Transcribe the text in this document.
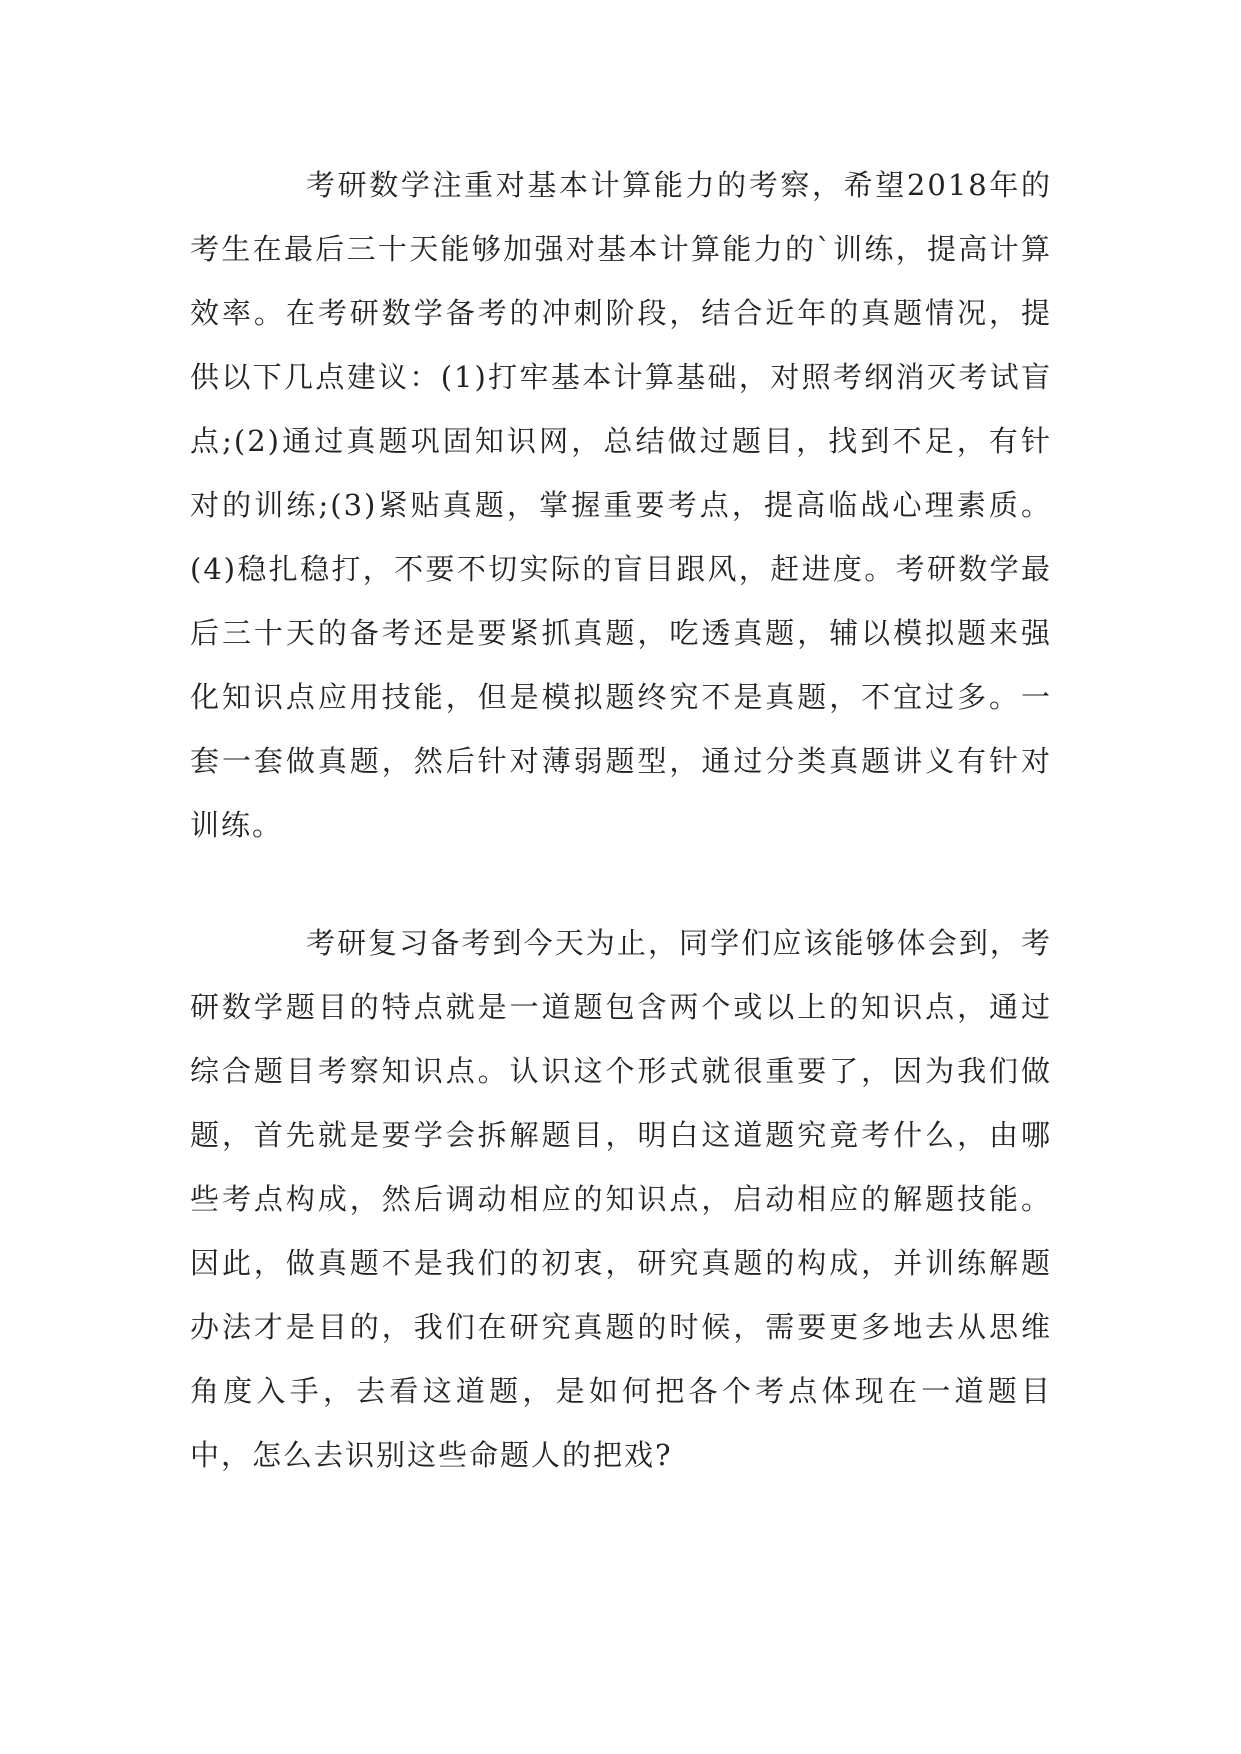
考研数学注重对基本计算能力的考察，希望2018年的考生在最后三十天能够加强对基本计算能力的`训练，提高计算效率。在考研数学备考的冲刺阶段，结合近年的真题情况，提供以下几点建议：(1)打牢基本计算基础，对照考纲消灭考试盲点;(2)通过真题巩固知识网，总结做过题目，找到不足，有针对的训练;(3)紧贴真题，掌握重要考点，提高临战心理素质。(4)稳扎稳打，不要不切实际的盲目跟风，赶进度。考研数学最后三十天的备考还是要紧抓真题，吃透真题，辅以模拟题来强化知识点应用技能，但是模拟题终究不是真题，不宜过多。一套一套做真题，然后针对薄弱题型，通过分类真题讲义有针对训练。

考研复习备考到今天为止，同学们应该能够体会到，考研数学题目的特点就是一道题包含两个或以上的知识点，通过综合题目考察知识点。认识这个形式就很重要了，因为我们做题，首先就是要学会拆解题目，明白这道题究竟考什么，由哪些考点构成，然后调动相应的知识点，启动相应的解题技能。因此，做真题不是我们的初衷，研究真题的构成，并训练解题办法才是目的，我们在研究真题的时候，需要更多地去从思维角度入手，去看这道题，是如何把各个考点体现在一道题目中，怎么去识别这些命题人的把戏?
